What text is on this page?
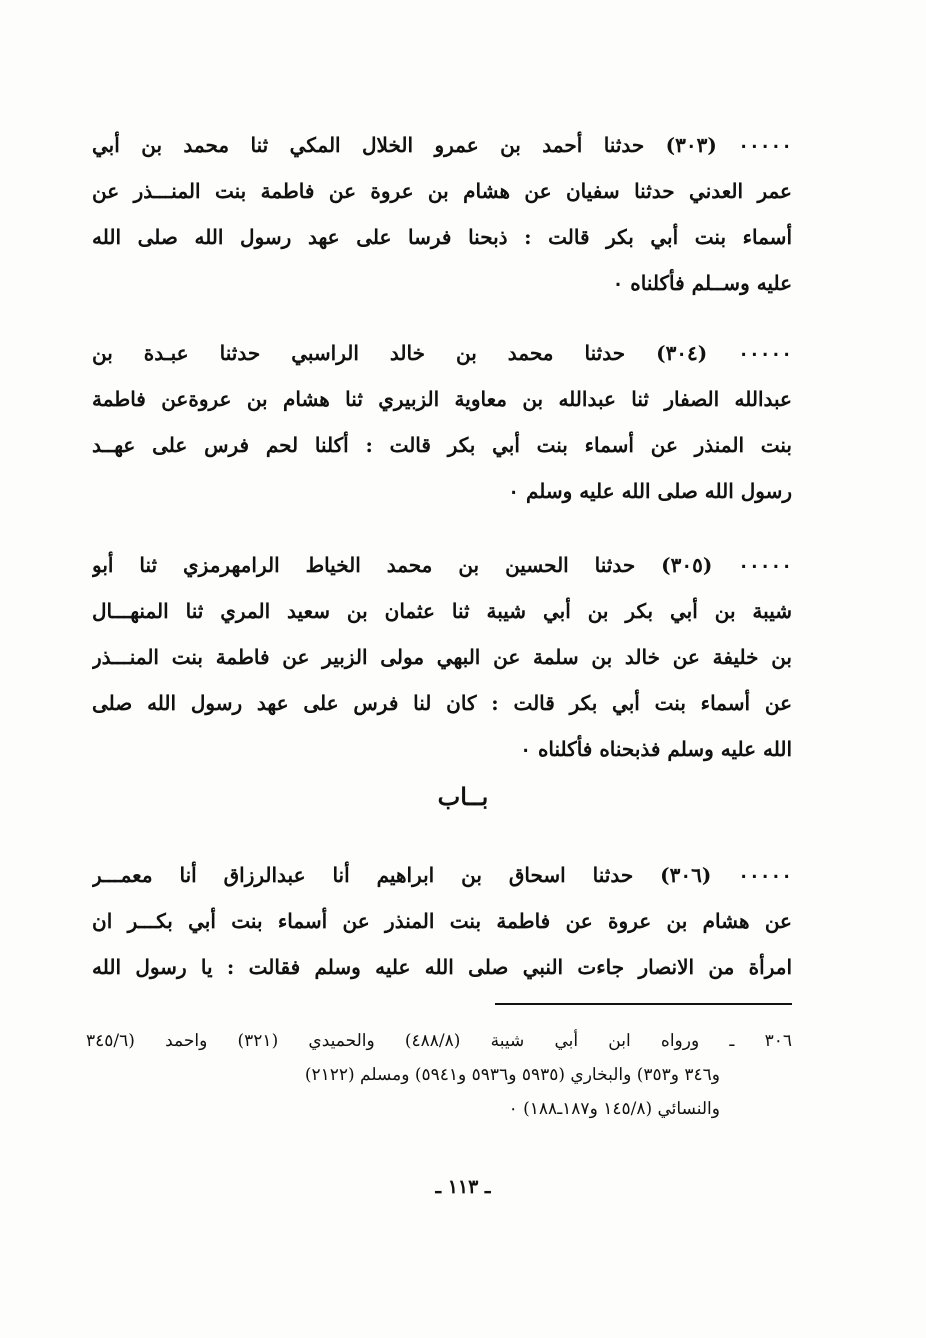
٠٠٠٠٠ (٣٠٣) حدثنا أحمد بن عمرو الخلال المكي ثنا محمد بن أبي
عمر العدني حدثنا سفيان عن هشام بن عروة عن فاطمة بنت المنـــذر عن
أسماء بنت أبي بكر قالت : ذبحنا فرسا على عهد رسول الله صلى الله
عليه وســلم فأكلناه ٠
٠٠٠٠٠ (٣٠٤) حدثنا محمد بن خالد الراسبي حدثنا عبـدة بن
عبدالله الصفار ثنا عبدالله بن معاوية الزبيري ثنا هشام بن عروةعن فاطمة
بنت المنذر عن أسماء بنت أبي بكر قالت : أكلنا لحم فرس على عهــد
رسول الله صلى الله عليه وسلم ٠
٠٠٠٠٠ (٣٠٥) حدثنا الحسين بن محمد الخياط الرامهرمزي ثنا أبو
شيبة بن أبي بكر بن أبي شيبة ثنا عثمان بن سعيد المري ثنا المنهـــال
بن خليفة عن خالد بن سلمة عن البهي مولى الزبير عن فاطمة بنت المنـــذر
عن أسماء بنت أبي بكر قالت : كان لنا فرس على عهد رسول الله صلى
الله عليه وسلم فذبحناه فأكلناه ٠
بــاب
٠٠٠٠٠ (٣٠٦) حدثنا اسحاق بن ابراهيم أنا عبدالرزاق أنا معمـــر
عن هشام بن عروة عن فاطمة بنت المنذر عن أسماء بنت أبي بكـــر ان
امرأة من الانصار جاءت النبي صلى الله عليه وسلم فقالت : يا رسول الله
٣٠٦ ـ ورواه ابن أبي شيبة (٤٨٨/٨) والحميدي (٣٢١) واحمد (٣٤٥/٦
و٣٤٦ و٣٥٣) والبخاري (٥٩٣٥ و٥٩٣٦ و٥٩٤١) ومسلم (٢١٢٢)
والنسائي (١٤٥/٨ و١٨٧ـ١٨٨) ٠
ـ ١١٣ ـ
